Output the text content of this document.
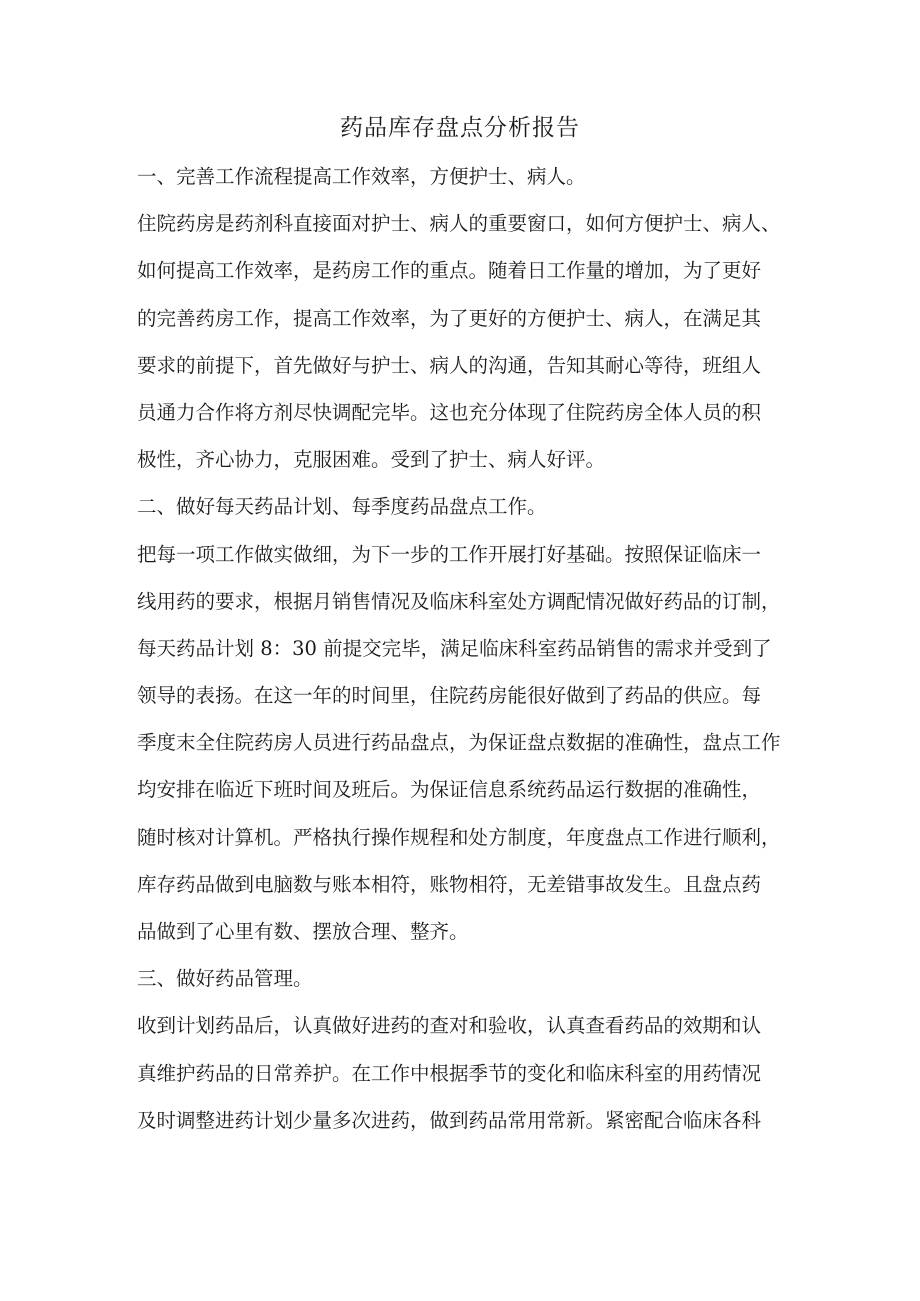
药品库存盘点分析报告
一、完善工作流程提高工作效率，方便护士、病人。
住院药房是药剂科直接面对护士、病人的重要窗口，如何方便护士、病人、
如何提高工作效率，是药房工作的重点。随着日工作量的增加，为了更好
的完善药房工作，提高工作效率，为了更好的方便护士、病人，在满足其
要求的前提下，首先做好与护士、病人的沟通，告知其耐心等待，班组人
员通力合作将方剂尽快调配完毕。这也充分体现了住院药房全体人员的积
极性，齐心协力，克服困难。受到了护士、病人好评。
二、做好每天药品计划、每季度药品盘点工作。
把每一项工作做实做细，为下一步的工作开展打好基础。按照保证临床一
线用药的要求，根据月销售情况及临床科室处方调配情况做好药品的订制，
每天药品计划 8：30 前提交完毕，满足临床科室药品销售的需求并受到了
领导的表扬。在这一年的时间里，住院药房能很好做到了药品的供应。每
季度末全住院药房人员进行药品盘点，为保证盘点数据的准确性，盘点工作
均安排在临近下班时间及班后。为保证信息系统药品运行数据的准确性，
随时核对计算机。严格执行操作规程和处方制度，年度盘点工作进行顺利，
库存药品做到电脑数与账本相符，账物相符，无差错事故发生。且盘点药
品做到了心里有数、摆放合理、整齐。
三、做好药品管理。
收到计划药品后，认真做好进药的查对和验收，认真查看药品的效期和认
真维护药品的日常养护。在工作中根据季节的变化和临床科室的用药情况
及时调整进药计划少量多次进药，做到药品常用常新。紧密配合临床各科
